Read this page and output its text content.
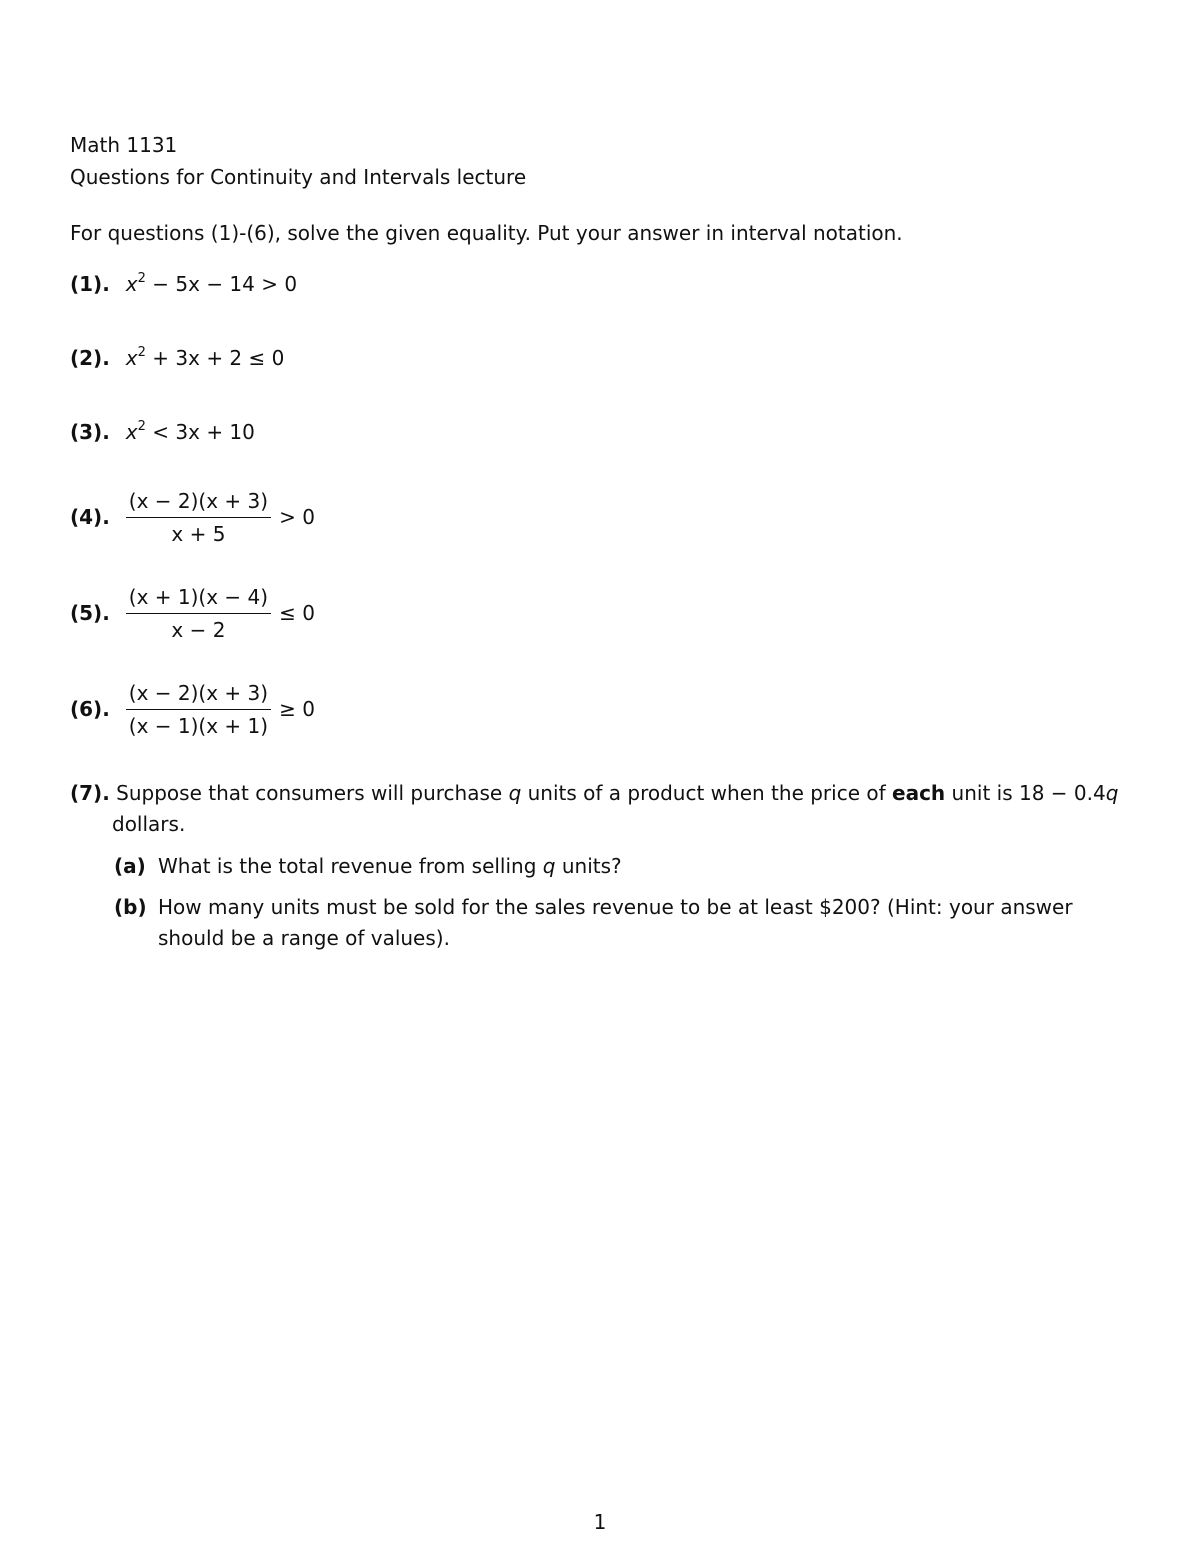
Math 1131
Questions for Continuity and Intervals lecture
For questions (1)-(6), solve the given equality. Put your answer in interval notation.
(1). $x^2 - 5x - 14 > 0$
(2). $x^2 + 3x + 2 \le 0$
(3). $x^2 < 3x + 10$
(4). $\frac{(x - 2)(x + 3)}{x + 5} > 0$
(5). $\frac{(x + 1)(x - 4)}{x - 2} \le 0$
(6). $\frac{(x - 2)(x + 3)}{(x - 1)(x + 1)} \ge 0$
(7). Suppose that consumers will purchase q units of a product when the price of each unit is 18 − 0.4q
dollars.
(a) What is the total revenue from selling q units?
(b) How many units must be sold for the sales revenue to be at least $200? (Hint: your answer should be a range of values).
1
